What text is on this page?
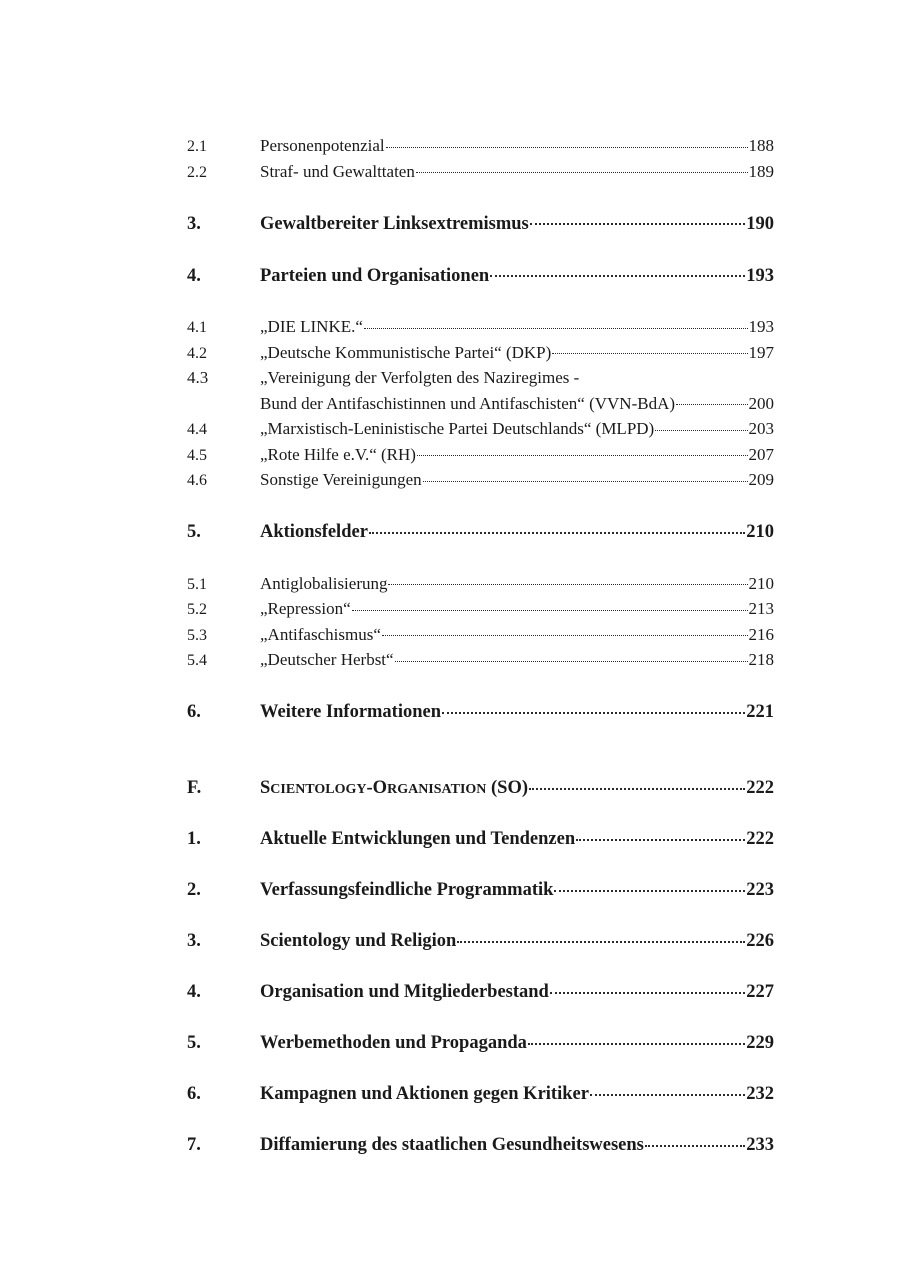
2.1	Personenpotenzial	188
2.2	Straf- und Gewalttaten	189
3.	Gewaltbereiter Linksextremismus	190
4.	Parteien und Organisationen	193
4.1	„DIE LINKE.“	193
4.2	„Deutsche Kommunistische Partei“ (DKP)	197
4.3	„Vereinigung der Verfolgten des Naziregimes -
Bund der Antifaschistinnen und Antifaschisten“ (VVN-BdA)	200
4.4	„Marxistisch-Leninistische Partei Deutschlands“ (MLPD)	203
4.5	„Rote Hilfe e.V.“ (RH)	207
4.6	Sonstige Vereinigungen	209
5.	Aktionsfelder	210
5.1	Antiglobalisierung	210
5.2	„Repression“	213
5.3	„Antifaschismus“	216
5.4	„Deutscher Herbst“	218
6.	Weitere Informationen	221
F.	SCIENTOLOGY-ORGANISATION (SO)	222
1.	Aktuelle Entwicklungen und Tendenzen	222
2.	Verfassungsfeindliche Programmatik	223
3.	Scientology und Religion	226
4.	Organisation und Mitgliederbestand	227
5.	Werbemethoden und Propaganda	229
6.	Kampagnen und Aktionen gegen Kritiker	232
7.	Diffamierung des staatlichen Gesundheitswesens	233
